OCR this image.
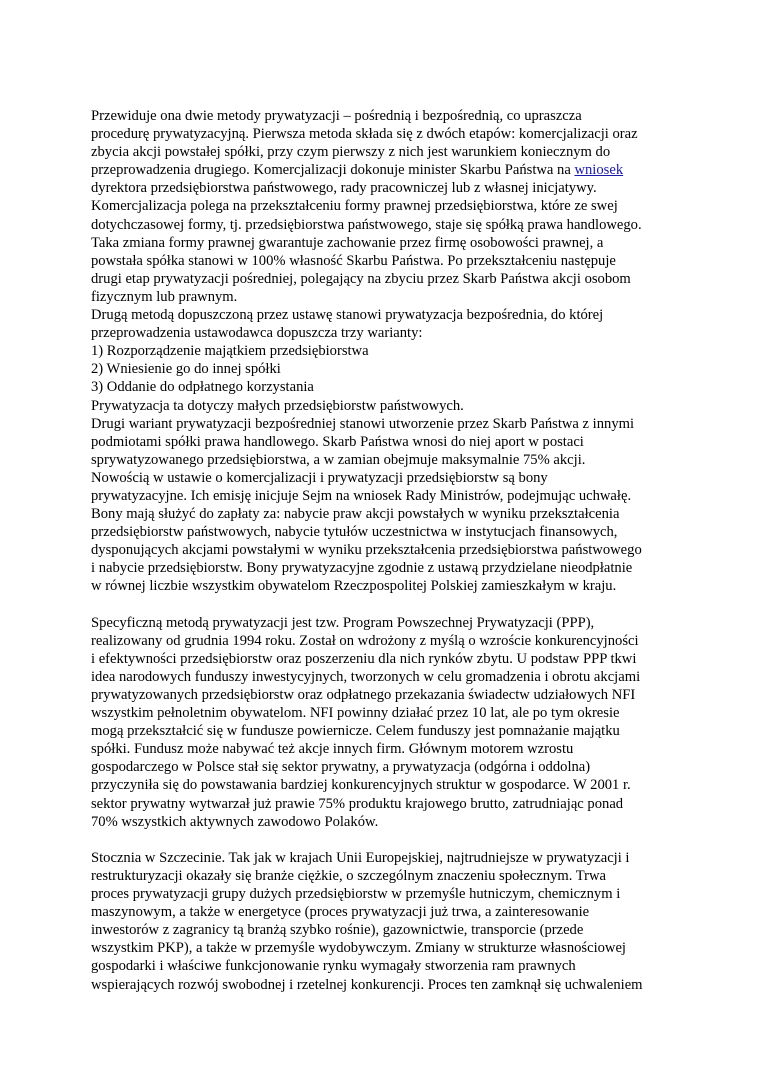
Przewiduje ona dwie metody prywatyzacji – pośrednią i bezpośrednią, co upraszcza
procedurę prywatyzacyjną. Pierwsza metoda składa się z dwóch etapów: komercjalizacji oraz
zbycia akcji powstałej spółki, przy czym pierwszy z nich jest warunkiem koniecznym do
przeprowadzenia drugiego. Komercjalizacji dokonuje minister Skarbu Państwa na wniosek
dyrektora przedsiębiorstwa państwowego, rady pracowniczej lub z własnej inicjatywy.
Komercjalizacja polega na przekształceniu formy prawnej przedsiębiorstwa, które ze swej
dotychczasowej formy, tj. przedsiębiorstwa państwowego, staje się spółką prawa handlowego.
Taka zmiana formy prawnej gwarantuje zachowanie przez firmę osobowości prawnej, a
powstała spółka stanowi w 100% własność Skarbu Państwa. Po przekształceniu następuje
drugi etap prywatyzacji pośredniej, polegający na zbyciu przez Skarb Państwa akcji osobom
fizycznym lub prawnym.
Drugą metodą dopuszczoną przez ustawę stanowi prywatyzacja bezpośrednia, do której
przeprowadzenia ustawodawca dopuszcza trzy warianty:
1) Rozporządzenie majątkiem przedsiębiorstwa
2) Wniesienie go do innej spółki
3) Oddanie do odpłatnego korzystania
Prywatyzacja ta dotyczy małych przedsiębiorstw państwowych.
Drugi wariant prywatyzacji bezpośredniej stanowi utworzenie przez Skarb Państwa z innymi
podmiotami spółki prawa handlowego. Skarb Państwa wnosi do niej aport w postaci
sprywatyzowanego przedsiębiorstwa, a w zamian obejmuje maksymalnie 75% akcji.
Nowością w ustawie o komercjalizacji i prywatyzacji przedsiębiorstw są bony
prywatyzacyjne. Ich emisję inicjuje Sejm na wniosek Rady Ministrów, podejmując uchwałę.
Bony mają służyć do zapłaty za: nabycie praw akcji powstałych w wyniku przekształcenia
przedsiębiorstw państwowych, nabycie tytułów uczestnictwa w instytucjach finansowych,
dysponujących akcjami powstałymi w wyniku przekształcenia przedsiębiorstwa państwowego
i nabycie przedsiębiorstw. Bony prywatyzacyjne zgodnie z ustawą przydzielane nieodpłatnie
w równej liczbie wszystkim obywatelom Rzeczpospolitej Polskiej zamieszkałym w kraju.
Specyficzną metodą prywatyzacji jest tzw. Program Powszechnej Prywatyzacji (PPP),
realizowany od grudnia 1994 roku. Został on wdrożony z myślą o wzroście konkurencyjności
i efektywności przedsiębiorstw oraz poszerzeniu dla nich rynków zbytu. U podstaw PPP tkwi
idea narodowych funduszy inwestycyjnych, tworzonych w celu gromadzenia i obrotu akcjami
prywatyzowanych przedsiębiorstw oraz odpłatnego przekazania świadectw udziałowych NFI
wszystkim pełnoletnim obywatelom. NFI powinny działać przez 10 lat, ale po tym okresie
mogą przekształcić się w fundusze powiernicze. Celem funduszy jest pomnażanie majątku
spółki. Fundusz może nabywać też akcje innych firm. Głównym motorem wzrostu
gospodarczego w Polsce stał się sektor prywatny, a prywatyzacja (odgórna i oddolna)
przyczyniła się do powstawania bardziej konkurencyjnych struktur w gospodarce. W 2001 r.
sektor prywatny wytwarzał już prawie 75% produktu krajowego brutto, zatrudniając ponad
70% wszystkich aktywnych zawodowo Polaków.
Stocznia w Szczecinie. Tak jak w krajach Unii Europejskiej, najtrudniejsze w prywatyzacji i
restrukturyzacji okazały się branże ciężkie, o szczególnym znaczeniu społecznym. Trwa
proces prywatyzacji grupy dużych przedsiębiorstw w przemyśle hutniczym, chemicznym i
maszynowym, a także w energetyce (proces prywatyzacji już trwa, a zainteresowanie
inwestorów z zagranicy tą branżą szybko rośnie), gazownictwie, transporcie (przede
wszystkim PKP), a także w przemyśle wydobywczym. Zmiany w strukturze własnościowej
gospodarki i właściwe funkcjonowanie rynku wymagały stworzenia ram prawnych
wspierających rozwój swobodnej i rzetelnej konkurencji. Proces ten zamknął się uchwaleniem
